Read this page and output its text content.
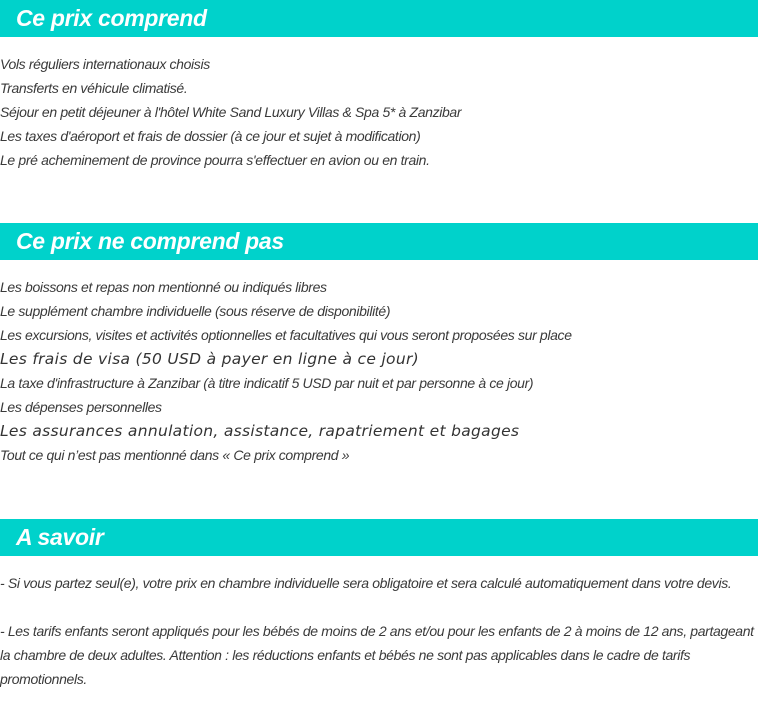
Ce prix comprend
Vols réguliers internationaux choisis
Transferts en véhicule climatisé.
Séjour en petit déjeuner à l'hôtel White Sand Luxury Villas & Spa 5* à Zanzibar
Les taxes d'aéroport et frais de dossier (à ce jour et sujet à modification)
Le pré acheminement de province pourra s'effectuer en avion ou en train.
Ce prix ne comprend pas
Les boissons et repas non mentionné ou indiqués libres
Le supplément chambre individuelle (sous réserve de disponibilité)
Les excursions, visites et activités optionnelles et facultatives qui vous seront proposées sur place
Les frais de visa (50 USD à payer en ligne à ce jour)
La taxe d'infrastructure à Zanzibar (à titre indicatif 5 USD par nuit et par personne à ce jour)
Les dépenses personnelles
Les assurances annulation, assistance, rapatriement et bagages
Tout ce qui n’est pas mentionné dans « Ce prix comprend »
A savoir

- Si vous partez seul(e), votre prix en chambre individuelle sera obligatoire et sera calculé automatiquement dans votre devis.

- Les tarifs enfants seront appliqués pour les bébés de moins de 2 ans et/ou pour les enfants de 2 à moins de 12 ans, partageant la chambre de deux adultes. Attention : les réductions enfants et bébés ne sont pas applicables dans le cadre de tarifs promotionnels.
